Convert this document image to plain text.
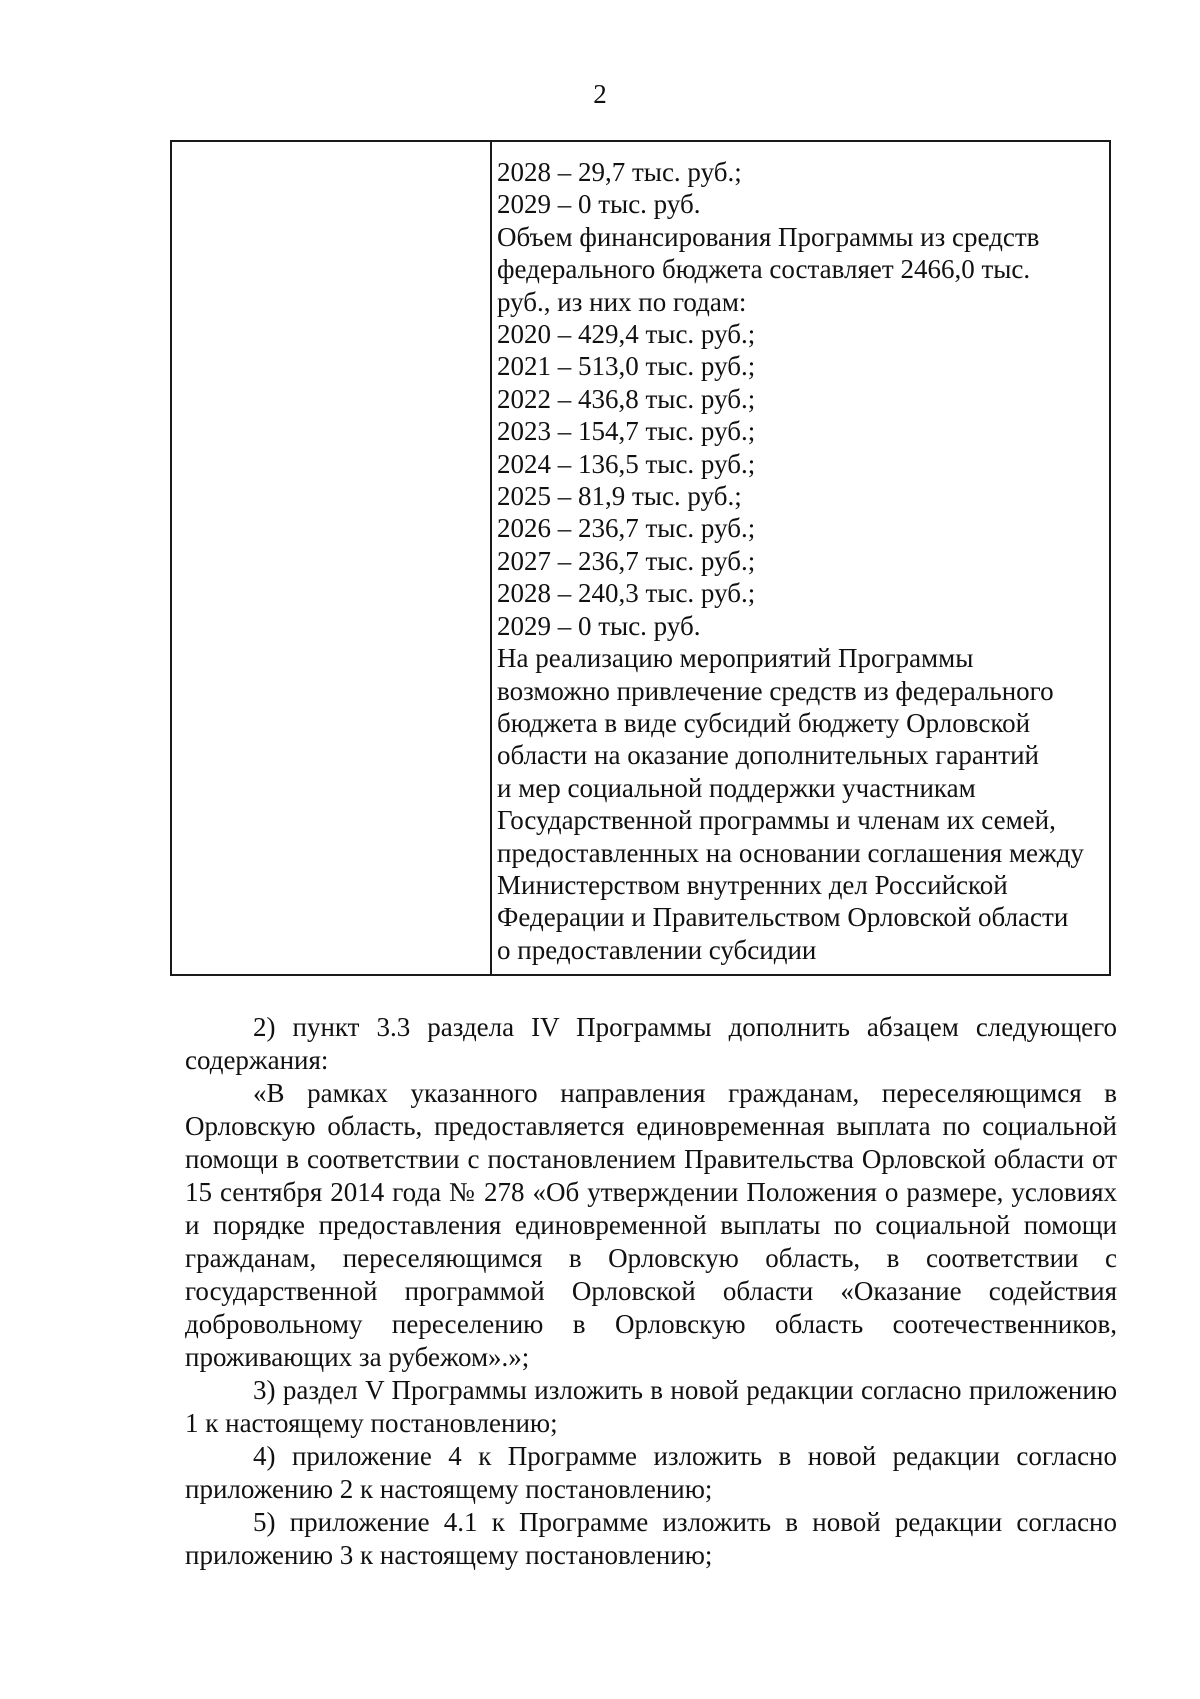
2
2028 – 29,7 тыс. руб.;
2029 – 0 тыс. руб.
Объем финансирования Программы из средств
федерального бюджета составляет 2466,0 тыс.
руб., из них по годам:
2020 – 429,4 тыс. руб.;
2021 – 513,0 тыс. руб.;
2022 – 436,8 тыс. руб.;
2023 – 154,7 тыс. руб.;
2024 – 136,5 тыс. руб.;
2025 – 81,9 тыс. руб.;
2026 – 236,7 тыс. руб.;
2027 – 236,7 тыс. руб.;
2028 – 240,3 тыс. руб.;
2029 – 0 тыс. руб.
На реализацию мероприятий Программы
возможно привлечение средств из федерального
бюджета в виде субсидий бюджету Орловской
области на оказание дополнительных гарантий
и мер социальной поддержки участникам
Государственной программы и членам их семей,
предоставленных на основании соглашения между
Министерством внутренних дел Российской
Федерации и Правительством Орловской области
о предоставлении субсидии

2) пункт 3.3 раздела IV Программы дополнить абзацем следующего содержания:

«В рамках указанного направления гражданам, переселяющимся в Орловскую область, предоставляется единовременная выплата по социальной помощи в соответствии с постановлением Правительства Орловской области от 15 сентября 2014 года № 278 «Об утверждении Положения о размере, условиях и порядке предоставления единовременной выплаты по социальной помощи гражданам, переселяющимся в Орловскую область, в соответствии с государственной программой Орловской области «Оказание содействия добровольному переселению в Орловскую область соотечественников, проживающих за рубежом».»;

3) раздел V Программы изложить в новой редакции согласно приложению 1 к настоящему постановлению;

4) приложение 4 к Программе изложить в новой редакции согласно приложению 2 к настоящему постановлению;

5) приложение 4.1 к Программе изложить в новой редакции согласно приложению 3 к настоящему постановлению;
